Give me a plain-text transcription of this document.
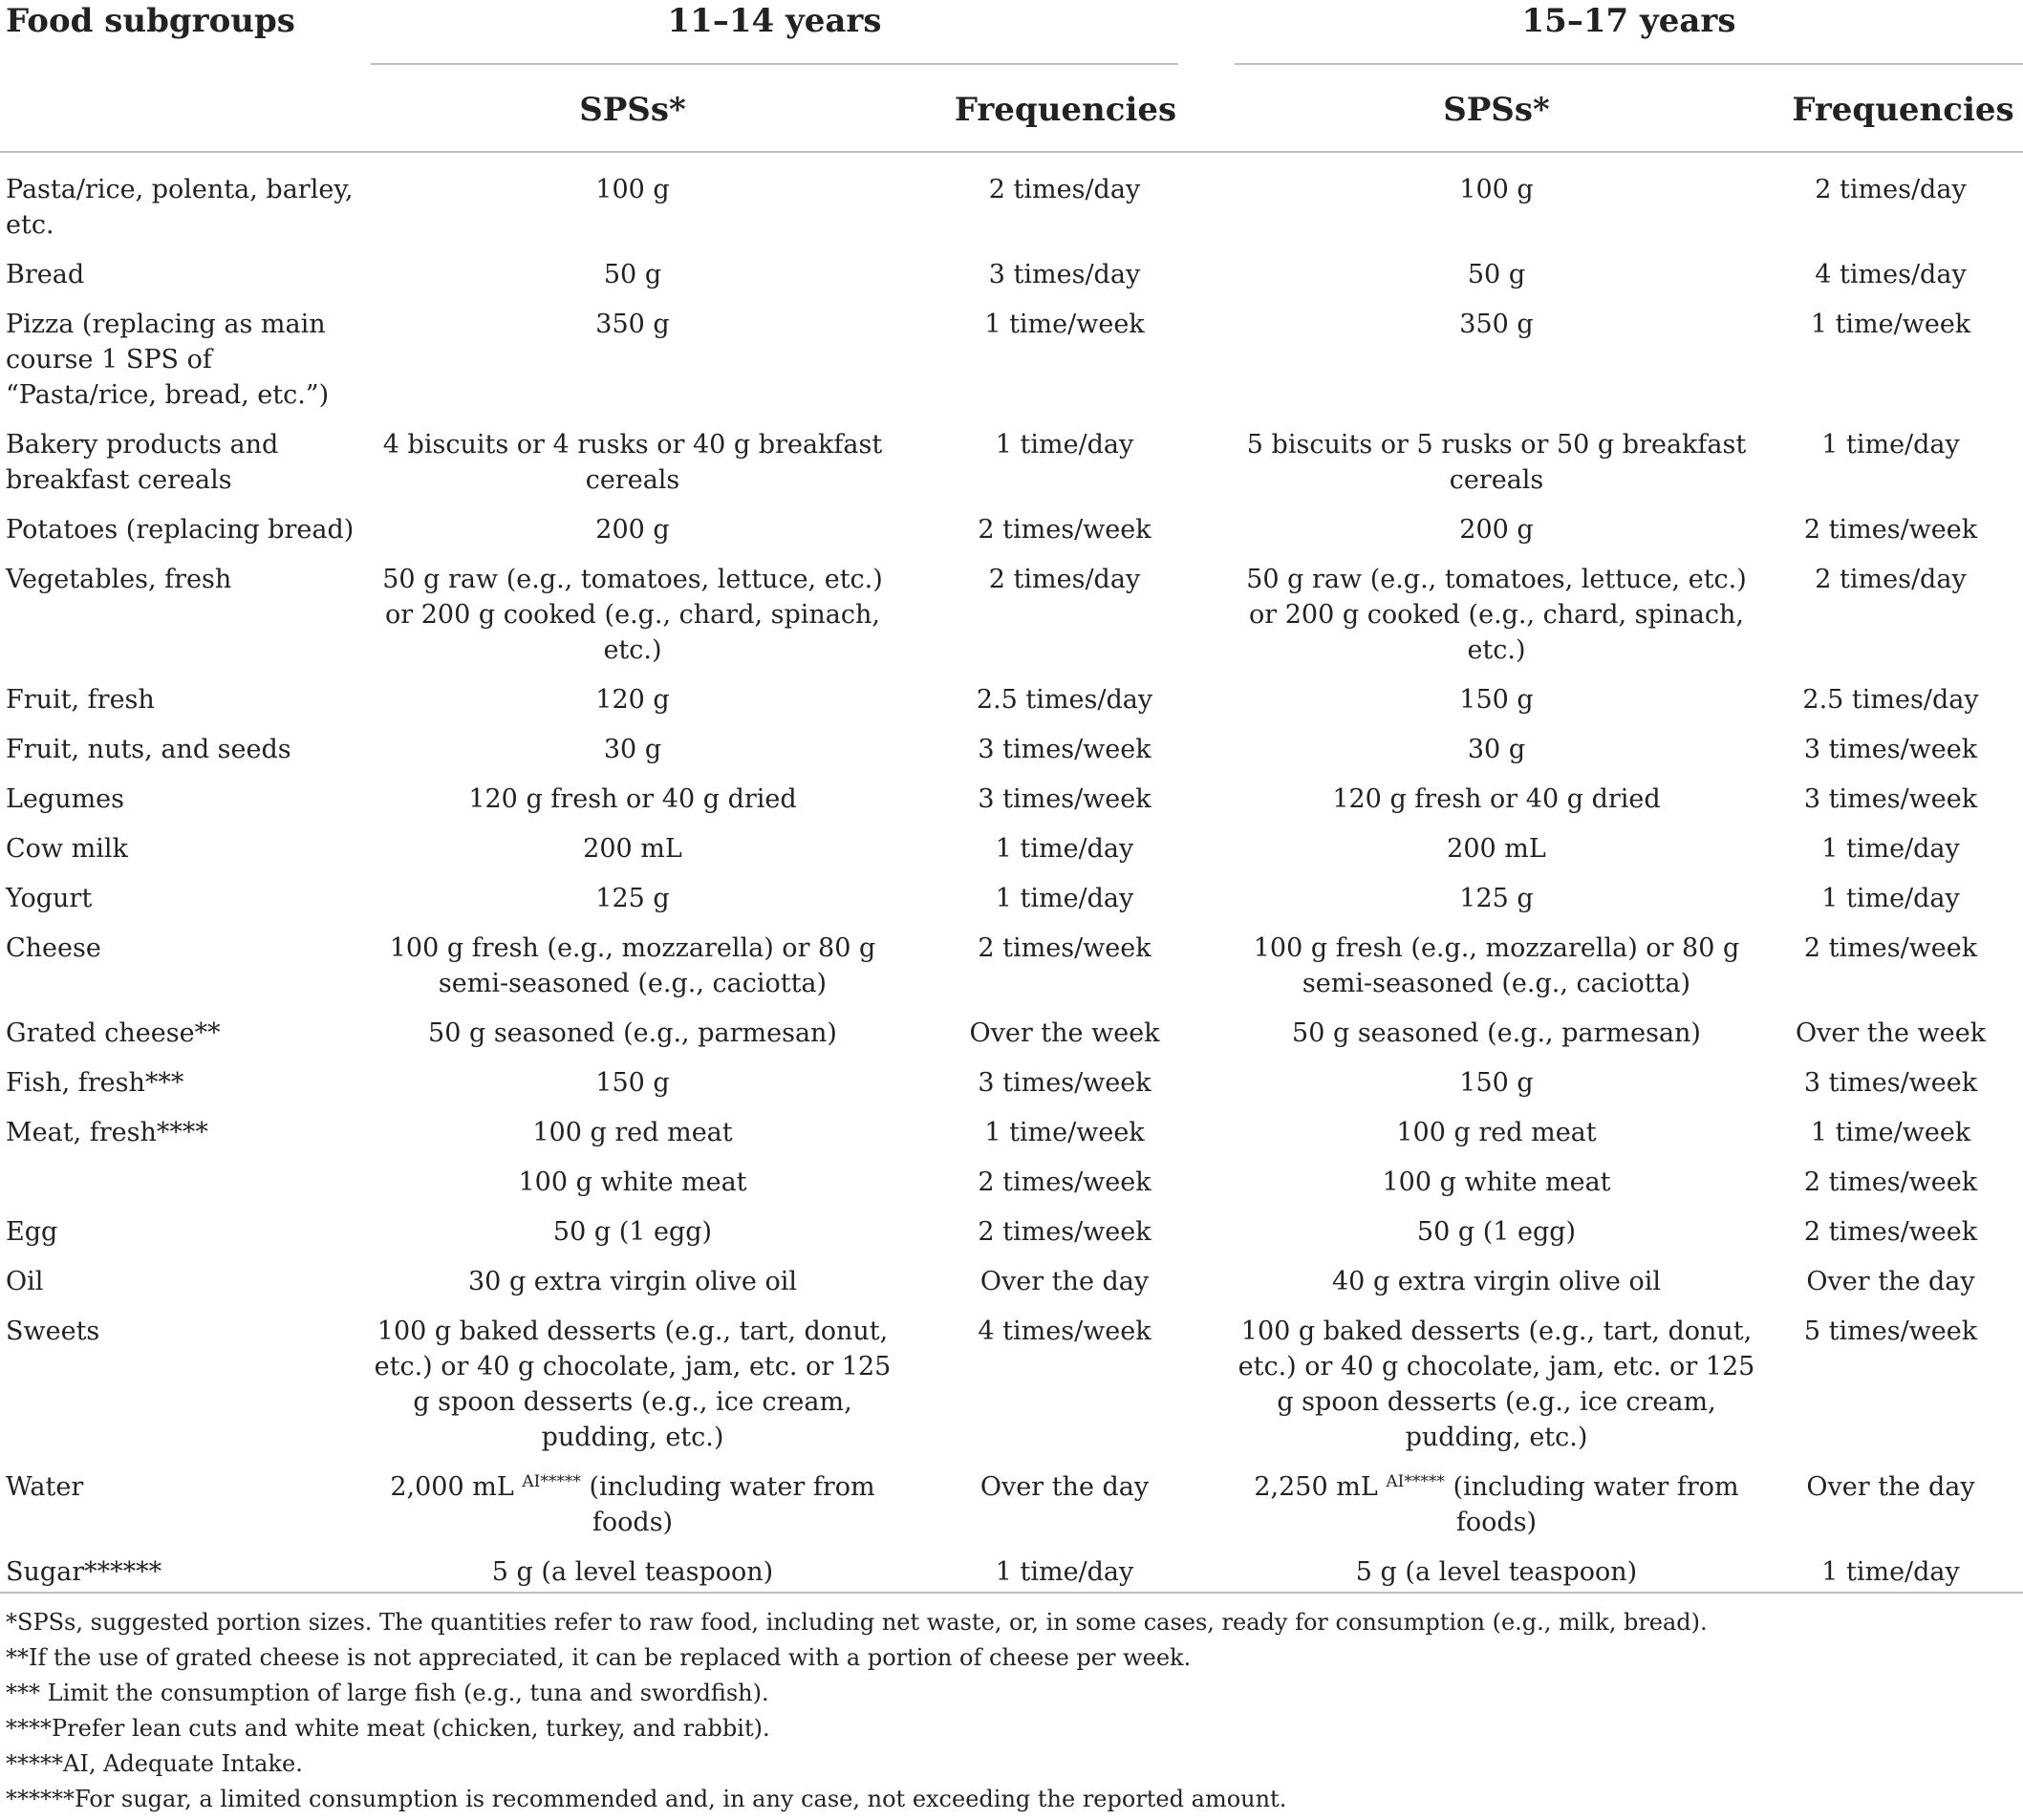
Food subgroups	11–14 years	15–17 years
SPSs*	Frequencies	SPSs*	Frequencies
Pasta/rice, polenta, barley, etc.	100 g	2 times/day	100 g	2 times/day
Bread	50 g	3 times/day	50 g	4 times/day
Pizza (replacing as main course 1 SPS of “Pasta/rice, bread, etc.”)	350 g	1 time/week	350 g	1 time/week
Bakery products and breakfast cereals	4 biscuits or 4 rusks or 40 g breakfast cereals	1 time/day	5 biscuits or 5 rusks or 50 g breakfast cereals	1 time/day
Potatoes (replacing bread)	200 g	2 times/week	200 g	2 times/week
Vegetables, fresh	50 g raw (e.g., tomatoes, lettuce, etc.) or 200 g cooked (e.g., chard, spinach, etc.)	2 times/day	50 g raw (e.g., tomatoes, lettuce, etc.) or 200 g cooked (e.g., chard, spinach, etc.)	2 times/day
Fruit, fresh	120 g	2.5 times/day	150 g	2.5 times/day
Fruit, nuts, and seeds	30 g	3 times/week	30 g	3 times/week
Legumes	120 g fresh or 40 g dried	3 times/week	120 g fresh or 40 g dried	3 times/week
Cow milk	200 mL	1 time/day	200 mL	1 time/day
Yogurt	125 g	1 time/day	125 g	1 time/day
Cheese	100 g fresh (e.g., mozzarella) or 80 g semi-seasoned (e.g., caciotta)	2 times/week	100 g fresh (e.g., mozzarella) or 80 g semi-seasoned (e.g., caciotta)	2 times/week
Grated cheese**	50 g seasoned (e.g., parmesan)	Over the week	50 g seasoned (e.g., parmesan)	Over the week
Fish, fresh***	150 g	3 times/week	150 g	3 times/week
Meat, fresh****	100 g red meat	1 time/week	100 g red meat	1 time/week
	100 g white meat	2 times/week	100 g white meat	2 times/week
Egg	50 g (1 egg)	2 times/week	50 g (1 egg)	2 times/week
Oil	30 g extra virgin olive oil	Over the day	40 g extra virgin olive oil	Over the day
Sweets	100 g baked desserts (e.g., tart, donut, etc.) or 40 g chocolate, jam, etc. or 125 g spoon desserts (e.g., ice cream, pudding, etc.)	4 times/week	100 g baked desserts (e.g., tart, donut, etc.) or 40 g chocolate, jam, etc. or 125 g spoon desserts (e.g., ice cream, pudding, etc.)	5 times/week
Water	2,000 mL $^{AI*****}$ (including water from foods)	Over the day	2,250 mL $^{AI*****}$ (including water from foods)	Over the day
Sugar******	5 g (a level teaspoon)	1 time/day	5 g (a level teaspoon)	1 time/day
*SPSs, suggested portion sizes. The quantities refer to raw food, including net waste, or, in some cases, ready for consumption (e.g., milk, bread).
**If the use of grated cheese is not appreciated, it can be replaced with a portion of cheese per week.
*** Limit the consumption of large fish (e.g., tuna and swordfish).
****Prefer lean cuts and white meat (chicken, turkey, and rabbit).
*****AI, Adequate Intake.
******For sugar, a limited consumption is recommended and, in any case, not exceeding the reported amount.
